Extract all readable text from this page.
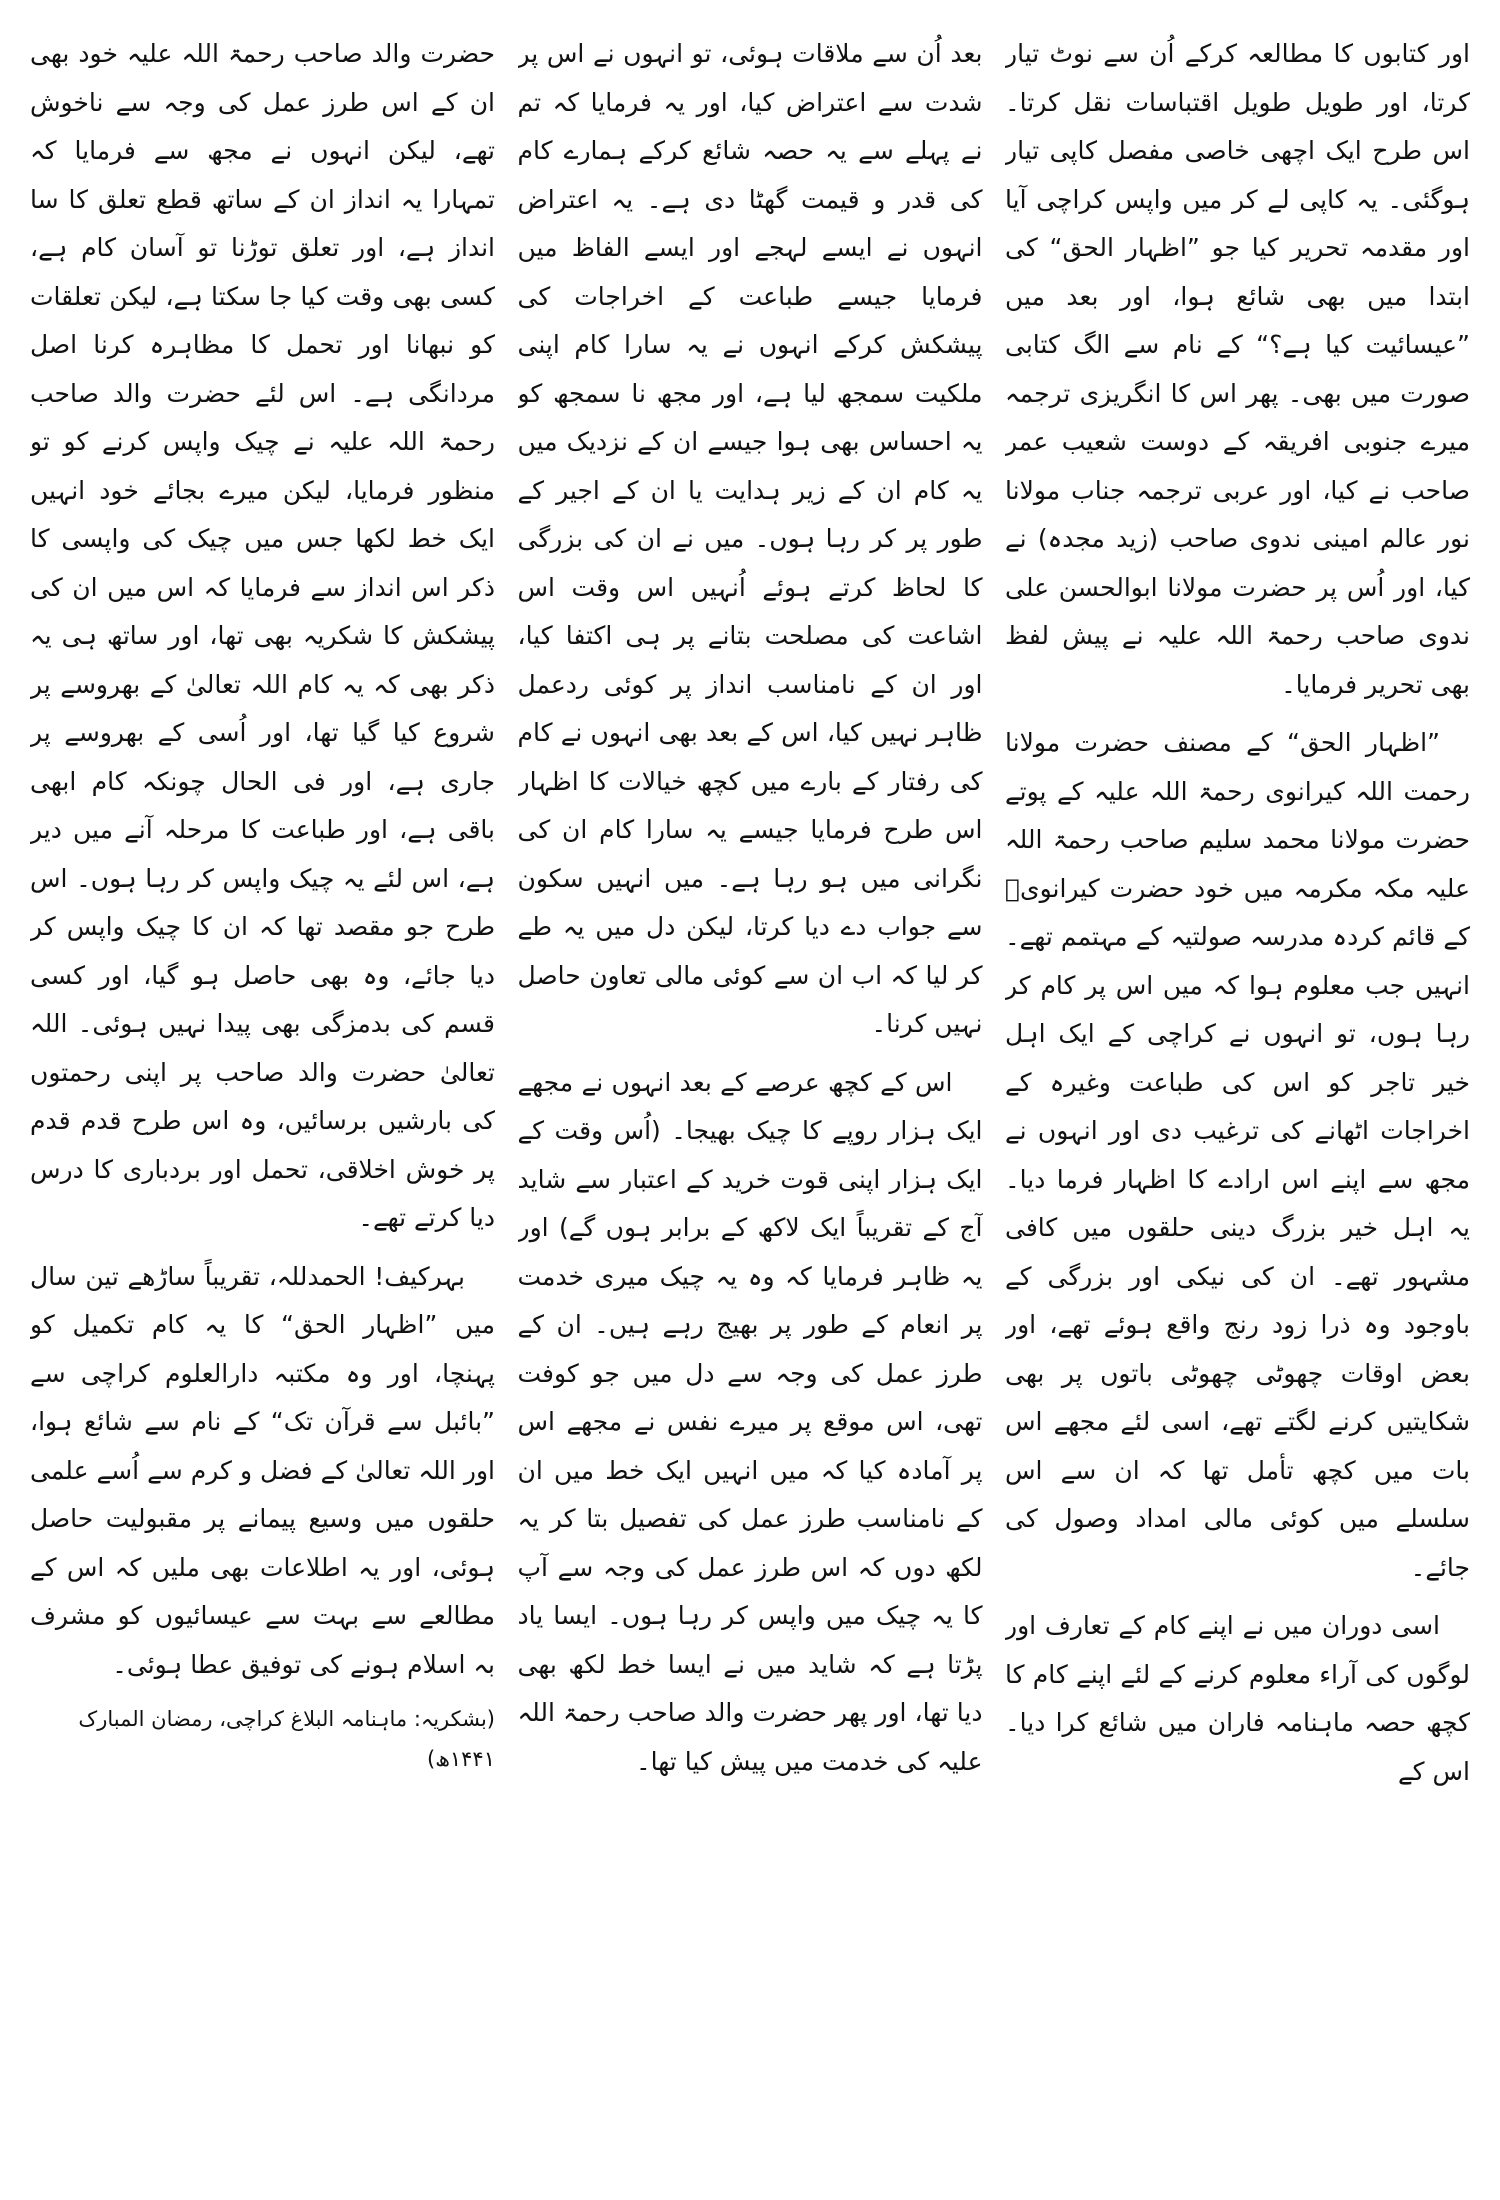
اور کتابوں کا مطالعہ کرکے اُن سے نوٹ تیار کرتا، اور طویل طویل اقتباسات نقل کرتا۔ اس طرح ایک اچھی خاصی مفصل کاپی تیار ہوگئی۔ یہ کاپی لے کر میں واپس کراچی آیا اور مقدمہ تحریر کیا جو ”اظہار الحق“ کی ابتدا میں بھی شائع ہوا، اور بعد میں ”عیسائیت کیا ہے؟“ کے نام سے الگ کتابی صورت میں بھی۔ پھر اس کا انگریزی ترجمہ میرے جنوبی افریقہ کے دوست شعیب عمر صاحب نے کیا، اور عربی ترجمہ جناب مولانا نور عالم امینی ندوی صاحب (زید مجدہ) نے کیا، اور اُس پر حضرت مولانا ابوالحسن علی ندوی صاحب رحمۃ اللہ علیہ نے پیش لفظ بھی تحریر فرمایا۔

”اظہار الحق“ کے مصنف حضرت مولانا رحمت اللہ کیرانوی رحمۃ اللہ علیہ کے پوتے حضرت مولانا محمد سلیم صاحب رحمۃ اللہ علیہ مکہ مکرمہ میں خود حضرت کیرانویؒ کے قائم کردہ مدرسہ صولتیہ کے مہتمم تھے۔ انہیں جب معلوم ہوا کہ میں اس پر کام کر رہا ہوں، تو انہوں نے کراچی کے ایک اہل خیر تاجر کو اس کی طباعت وغیرہ کے اخراجات اٹھانے کی ترغیب دی اور انہوں نے مجھ سے اپنے اس ارادے کا اظہار فرما دیا۔ یہ اہل خیر بزرگ دینی حلقوں میں کافی مشہور تھے۔ ان کی نیکی اور بزرگی کے باوجود وہ ذرا زود رنج واقع ہوئے تھے، اور بعض اوقات چھوٹی چھوٹی باتوں پر بھی شکایتیں کرنے لگتے تھے، اسی لئے مجھے اس بات میں کچھ تأمل تھا کہ ان سے اس سلسلے میں کوئی مالی امداد وصول کی جائے۔

اسی دوران میں نے اپنے کام کے تعارف اور لوگوں کی آراء معلوم کرنے کے لئے اپنے کام کا کچھ حصہ ماہنامہ فاران میں شائع کرا دیا۔ اس کے

بعد اُن سے ملاقات ہوئی، تو انہوں نے اس پر شدت سے اعتراض کیا، اور یہ فرمایا کہ تم نے پہلے سے یہ حصہ شائع کرکے ہمارے کام کی قدر و قیمت گھٹا دی ہے۔ یہ اعتراض انہوں نے ایسے لہجے اور ایسے الفاظ میں فرمایا جیسے طباعت کے اخراجات کی پیشکش کرکے انہوں نے یہ سارا کام اپنی ملکیت سمجھ لیا ہے، اور مجھ نا سمجھ کو یہ احساس بھی ہوا جیسے ان کے نزدیک میں یہ کام ان کے زیر ہدایت یا ان کے اجیر کے طور پر کر رہا ہوں۔ میں نے ان کی بزرگی کا لحاظ کرتے ہوئے اُنہیں اس وقت اس اشاعت کی مصلحت بتانے پر ہی اکتفا کیا، اور ان کے نامناسب انداز پر کوئی ردعمل ظاہر نہیں کیا، اس کے بعد بھی انہوں نے کام کی رفتار کے بارے میں کچھ خیالات کا اظہار اس طرح فرمایا جیسے یہ سارا کام ان کی نگرانی میں ہو رہا ہے۔ میں انہیں سکون سے جواب دے دیا کرتا، لیکن دل میں یہ طے کر لیا کہ اب ان سے کوئی مالی تعاون حاصل نہیں کرنا۔

اس کے کچھ عرصے کے بعد انہوں نے مجھے ایک ہزار روپے کا چیک بھیجا۔ (اُس وقت کے ایک ہزار اپنی قوت خرید کے اعتبار سے شاید آج کے تقریباً ایک لاکھ کے برابر ہوں گے) اور یہ ظاہر فرمایا کہ وہ یہ چیک میری خدمت پر انعام کے طور پر بھیج رہے ہیں۔ ان کے طرز عمل کی وجہ سے دل میں جو کوفت تھی، اس موقع پر میرے نفس نے مجھے اس پر آمادہ کیا کہ میں انہیں ایک خط میں ان کے نامناسب طرز عمل کی تفصیل بتا کر یہ لکھ دوں کہ اس طرز عمل کی وجہ سے آپ کا یہ چیک میں واپس کر رہا ہوں۔ ایسا یاد پڑتا ہے کہ شاید میں نے ایسا خط لکھ بھی دیا تھا، اور پھر حضرت والد صاحب رحمۃ اللہ علیہ کی خدمت میں پیش کیا تھا۔

حضرت والد صاحب رحمۃ اللہ علیہ خود بھی ان کے اس طرز عمل کی وجہ سے ناخوش تھے، لیکن انہوں نے مجھ سے فرمایا کہ تمہارا یہ انداز ان کے ساتھ قطع تعلق کا سا انداز ہے، اور تعلق توڑنا تو آسان کام ہے، کسی بھی وقت کیا جا سکتا ہے، لیکن تعلقات کو نبھانا اور تحمل کا مظاہرہ کرنا اصل مردانگی ہے۔ اس لئے حضرت والد صاحب رحمۃ اللہ علیہ نے چیک واپس کرنے کو تو منظور فرمایا، لیکن میرے بجائے خود انہیں ایک خط لکھا جس میں چیک کی واپسی کا ذکر اس انداز سے فرمایا کہ اس میں ان کی پیشکش کا شکریہ بھی تھا، اور ساتھ ہی یہ ذکر بھی کہ یہ کام اللہ تعالیٰ کے بھروسے پر شروع کیا گیا تھا، اور اُسی کے بھروسے پر جاری ہے، اور فی الحال چونکہ کام ابھی باقی ہے، اور طباعت کا مرحلہ آنے میں دیر ہے، اس لئے یہ چیک واپس کر رہا ہوں۔ اس طرح جو مقصد تھا کہ ان کا چیک واپس کر دیا جائے، وہ بھی حاصل ہو گیا، اور کسی قسم کی بدمزگی بھی پیدا نہیں ہوئی۔ اللہ تعالیٰ حضرت والد صاحب پر اپنی رحمتوں کی بارشیں برسائیں، وہ اس طرح قدم قدم پر خوش اخلاقی، تحمل اور بردباری کا درس دیا کرتے تھے۔

بہرکیف! الحمدللہ، تقریباً ساڑھے تین سال میں ”اظہار الحق“ کا یہ کام تکمیل کو پہنچا، اور وہ مکتبہ دارالعلوم کراچی سے ”بائبل سے قرآن تک“ کے نام سے شائع ہوا، اور اللہ تعالیٰ کے فضل و کرم سے اُسے علمی حلقوں میں وسیع پیمانے پر مقبولیت حاصل ہوئی، اور یہ اطلاعات بھی ملیں کہ اس کے مطالعے سے بہت سے عیسائیوں کو مشرف بہ اسلام ہونے کی توفیق عطا ہوئی۔

(بشکریہ: ماہنامہ البلاغ کراچی، رمضان المبارک ۱۴۴۱ھ)
